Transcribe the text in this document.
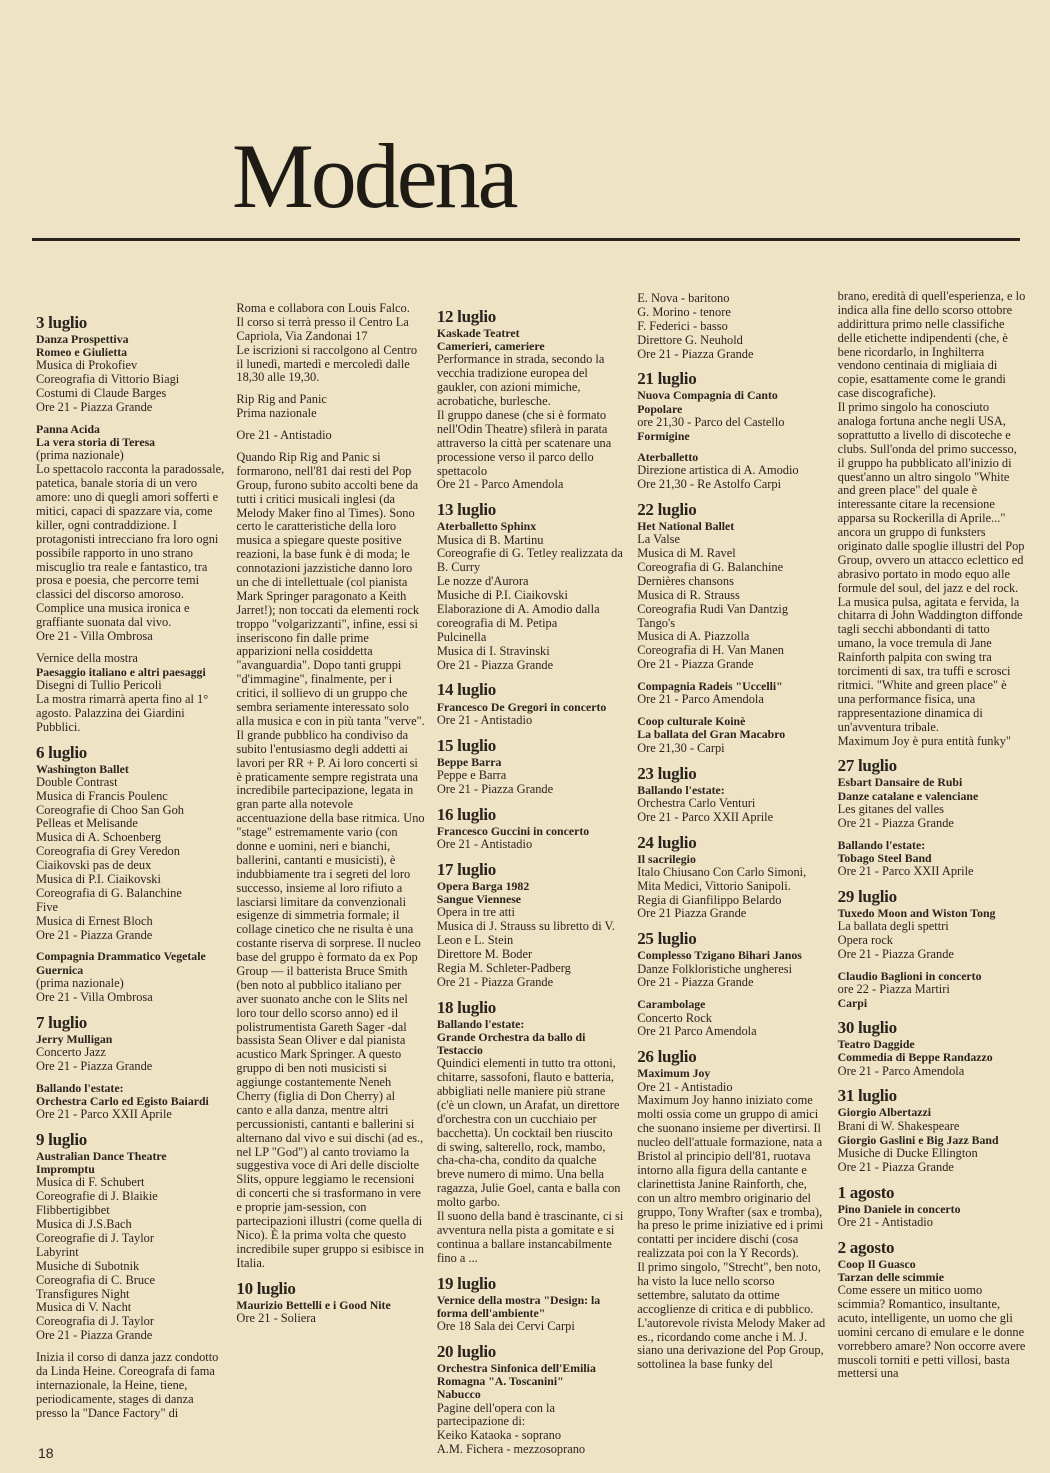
Modena
3 luglio
Danza Prospettiva
Romeo e Giulietta
Musica di Prokofiev
Coreografia di Vittorio Biagi
Costumi di Claude Barges
Ore 21 - Piazza Grande
Panna Acida
La vera storia di Teresa
(prima nazionale)
Lo spettacolo racconta la paradossale, patetica, banale storia di un vero amore: uno di quegli amori sofferti e mitici, capaci di spazzare via, come killer, ogni contraddizione. I protagonisti intrecciano fra loro ogni possibile rapporto in uno strano miscuglio tra reale e fantastico, tra prosa e poesia, che percorre temi classici del discorso amoroso. Complice una musica ironica e graffiante suonata dal vivo.
Ore 21 - Villa Ombrosa
Vernice della mostra
Paesaggio italiano e altri paesaggi
Disegni di Tullio Pericoli
La mostra rimarrà aperta fino al 1° agosto. Palazzina dei Giardini Pubblici.
6 luglio
Washington Ballet
Double Contrast
Musica di Francis Poulenc
Coreografie di Choo San Goh
Pelleas et Melisande
Musica di A. Schoenberg
Coreografia di Grey Veredon
Ciaikovski pas de deux
Musica di P.I. Ciaikovski
Coreografia di G. Balanchine
Five
Musica di Ernest Bloch
Ore 21 - Piazza Grande
Compagnia Drammatico Vegetale
Guernica
(prima nazionale)
Ore 21 - Villa Ombrosa
7 luglio
Jerry Mulligan
Concerto Jazz
Ore 21 - Piazza Grande
Ballando l'estate:
Orchestra Carlo ed Egisto Baiardi
Ore 21 - Parco XXII Aprile
9 luglio
Australian Dance Theatre
Impromptu
Musica di F. Schubert
Coreografie di J. Blaikie
Flibbertigibbet
Musica di J.S.Bach
Coreografie di J. Taylor
Labyrint
Musiche di Subotnik
Coreografia di C. Bruce
Transfigures Night
Musica di V. Nacht
Coreografia di J. Taylor
Ore 21 - Piazza Grande
Inizia il corso di danza jazz condotto da Linda Heine. Coreografa di fama internazionale, la Heine, tiene, periodicamente, stages di danza presso la "Dance Factory" di
Roma e collabora con Louis Falco.
Il corso si terrà presso il Centro La Capriola, Via Zandonai 17
Le iscrizioni si raccolgono al Centro il lunedì, martedì e mercoledì dalle 18,30 alle 19,30.
Rip Rig and Panic
Prima nazionale
Ore 21 - Antistadio
Quando Rip Rig and Panic si formarono, nell'81 dai resti del Pop Group, furono subito accolti bene da tutti i critici musicali inglesi (da Melody Maker fino al Times). Sono certo le caratteristiche della loro musica a spiegare queste positive reazioni, la base funk è di moda; le connotazioni jazzistiche danno loro un che di intellettuale (col pianista Mark Springer paragonato a Keith Jarret!); non toccati da elementi rock troppo "volgarizzanti", infine, essi si inseriscono fin dalle prime apparizioni nella cosiddetta "avanguardia". Dopo tanti gruppi "d'immagine", finalmente, per i critici, il sollievo di un gruppo che sembra seriamente interessato solo alla musica e con in più tanta "verve". Il grande pubblico ha condiviso da subito l'entusiasmo degli addetti ai lavori per RR + P. Ai loro concerti si è praticamente sempre registrata una incredibile partecipazione, legata in gran parte alla notevole accentuazione della base ritmica. Uno "stage" estremamente vario (con donne e uomini, neri e bianchi, ballerini, cantanti e musicisti), è indubbiamente tra i segreti del loro successo, insieme al loro rifiuto a lasciarsi limitare da convenzionali esigenze di simmetria formale; il collage cinetico che ne risulta è una costante riserva di sorprese. Il nucleo base del gruppo è formato da ex Pop Group — il batterista Bruce Smith (ben noto al pubblico italiano per aver suonato anche con le Slits nel loro tour dello scorso anno) ed il polistrumentista Gareth Sager -dal bassista Sean Oliver e dal pianista acustico Mark Springer. A questo gruppo di ben noti musicisti si aggiunge costantemente Neneh Cherry (figlia di Don Cherry) al canto e alla danza, mentre altri percussionisti, cantanti e ballerini si alternano dal vivo e sui dischi (ad es., nel LP "God") al canto troviamo la suggestiva voce di Ari delle disciolte Slits, oppure leggiamo le recensioni di concerti che si trasformano in vere e proprie jam-session, con partecipazioni illustri (come quella di Nico). È la prima volta che questo incredibile super gruppo si esibisce in Italia.
10 luglio
Maurizio Bettelli e i Good Nite
Ore 21 - Soliera
12 luglio
Kaskade Teatret
Camerieri, cameriere
Performance in strada, secondo la vecchia tradizione europea del gaukler, con azioni mimiche, acrobatiche, burlesche.
Il gruppo danese (che si è formato nell'Odin Theatre) sfilerà in parata attraverso la città per scatenare una processione verso il parco dello spettacolo
Ore 21 - Parco Amendola
13 luglio
Aterballetto Sphinx
Musica di B. Martinu
Coreografie di G. Tetley realizzata da B. Curry
Le nozze d'Aurora
Musiche di P.I. Ciaikovski
Elaborazione di A. Amodio dalla coreografia di M. Petipa
Pulcinella
Musica di I. Stravinski
Ore 21 - Piazza Grande
14 luglio
Francesco De Gregori in concerto
Ore 21 - Antistadio
15 luglio
Beppe Barra
Peppe e Barra
Ore 21 - Piazza Grande
16 luglio
Francesco Guccini in concerto
Ore 21 - Antistadio
17 luglio
Opera Barga 1982
Sangue Viennese
Opera in tre atti
Musica di J. Strauss su libretto di V. Leon e L. Stein
Direttore M. Boder
Regia M. Schleter-Padberg
Ore 21 - Piazza Grande
18 luglio
Ballando l'estate:
Grande Orchestra da ballo di Testaccio
Quindici elementi in tutto tra ottoni, chitarre, sassofoni, flauto e batteria, abbigliati nelle maniere più strane (c'è un clown, un Arafat, un direttore d'orchestra con un cucchiaio per bacchetta). Un cocktail ben riuscito di swing, salterello, rock, mambo, cha-cha-cha, condito da qualche breve numero di mimo. Una bella ragazza, Julie Goel, canta e balla con molto garbo.
Il suono della band è trascinante, ci si avventura nella pista a gomitate e si continua a ballare instancabilmente fino a ...
19 luglio
Vernice della mostra "Design: la forma dell'ambiente"
Ore 18 Sala dei Cervi Carpi
20 luglio
Orchestra Sinfonica dell'Emilia Romagna "A. Toscanini"
Nabucco
Pagine dell'opera con la partecipazione di:
Keiko Kataoka - soprano
A.M. Fichera - mezzosoprano
E. Nova - baritono
G. Morino - tenore
F. Federici - basso
Direttore G. Neuhold
Ore 21 - Piazza Grande
21 luglio
Nuova Compagnia di Canto Popolare
ore 21,30 - Parco del Castello
Formigine
Aterballetto
Direzione artistica di A. Amodio
Ore 21,30 - Re Astolfo Carpi
22 luglio
Het National Ballet
La Valse
Musica di M. Ravel
Coreografia di G. Balanchine
Dernières chansons
Musica di R. Strauss
Coreografia Rudi Van Dantzig
Tango's
Musica di A. Piazzolla
Coreografia di H. Van Manen
Ore 21 - Piazza Grande
Compagnia Radeis "Uccelli"
Ore 21 - Parco Amendola
Coop culturale Koinè
La ballata del Gran Macabro
Ore 21,30 - Carpi
23 luglio
Ballando l'estate:
Orchestra Carlo Venturi
Ore 21 - Parco XXII Aprile
24 luglio
Il sacrilegio
Italo Chiusano Con Carlo Simoni, Mita Medici, Vittorio Sanipoli.
Regia di Gianfilippo Belardo
Ore 21 Piazza Grande
25 luglio
Complesso Tzigano Bihari Janos
Danze Folkloristiche ungheresi
Ore 21 - Piazza Grande
Carambolage
Concerto Rock
Ore 21 Parco Amendola
26 luglio
Maximum Joy
Ore 21 - Antistadio
Maximum Joy hanno iniziato come molti ossia come un gruppo di amici che suonano insieme per divertirsi. Il nucleo dell'attuale formazione, nata a Bristol al principio dell'81, ruotava intorno alla figura della cantante e clarinettista Janine Rainforth, che, con un altro membro originario del gruppo, Tony Wrafter (sax e tromba), ha preso le prime iniziative ed i primi contatti per incidere dischi (cosa realizzata poi con la Y Records).
Il primo singolo, "Strecht", ben noto, ha visto la luce nello scorso settembre, salutato da ottime accoglienze di critica e di pubblico.
L'autorevole rivista Melody Maker ad es., ricordando come anche i M. J. siano una derivazione del Pop Group, sottolinea la base funky del
brano, eredità di quell'esperienza, e lo indica alla fine dello scorso ottobre addirittura primo nelle classifiche delle etichette indipendenti (che, è bene ricordarlo, in Inghilterra vendono centinaia di migliaia di copie, esattamente come le grandi case discografiche).
Il primo singolo ha conosciuto analoga fortuna anche negli USA, soprattutto a livello di discoteche e clubs. Sull'onda del primo successo, il gruppo ha pubblicato all'inizio di quest'anno un altro singolo "White and green place" del quale è interessante citare la recensione apparsa su Rockerilla di Aprile..." ancora un gruppo di funksters originato dalle spoglie illustri del Pop Group, ovvero un attacco eclettico ed abrasivo portato in modo equo alle formule del soul, del jazz e del rock. La musica pulsa, agitata e fervida, la chitarra di John Waddington diffonde tagli secchi abbondanti di tatto umano, la voce tremula di Jane Rainforth palpita con swing tra torcimenti di sax, tra tuffi e scrosci ritmici. "White and green place" è una performance fisica, una rappresentazione dinamica di un'avventura tribale.
Maximum Joy è pura entità funky"
27 luglio
Esbart Dansaire de Rubi
Danze catalane e valenciane
Les gitanes del valles
Ore 21 - Piazza Grande
Ballando l'estate:
Tobago Steel Band
Ore 21 - Parco XXII Aprile
29 luglio
Tuxedo Moon and Wiston Tong
La ballata degli spettri
Opera rock
Ore 21 - Piazza Grande
Claudio Baglioni in concerto
ore 22 - Piazza Martiri
Carpi
30 luglio
Teatro Daggide
Commedia di Beppe Randazzo
Ore 21 - Parco Amendola
31 luglio
Giorgio Albertazzi
Brani di W. Shakespeare
Giorgio Gaslini e Big Jazz Band
Musiche di Ducke Ellington
Ore 21 - Piazza Grande
1 agosto
Pino Daniele in concerto
Ore 21 - Antistadio
2 agosto
Coop Il Guasco
Tarzan delle scimmie
Come essere un mitico uomo scimmia? Romantico, insultante, acuto, intelligente, un uomo che gli uomini cercano di emulare e le donne vorrebbero amare? Non occorre avere muscoli torniti e petti villosi, basta mettersi una
18
